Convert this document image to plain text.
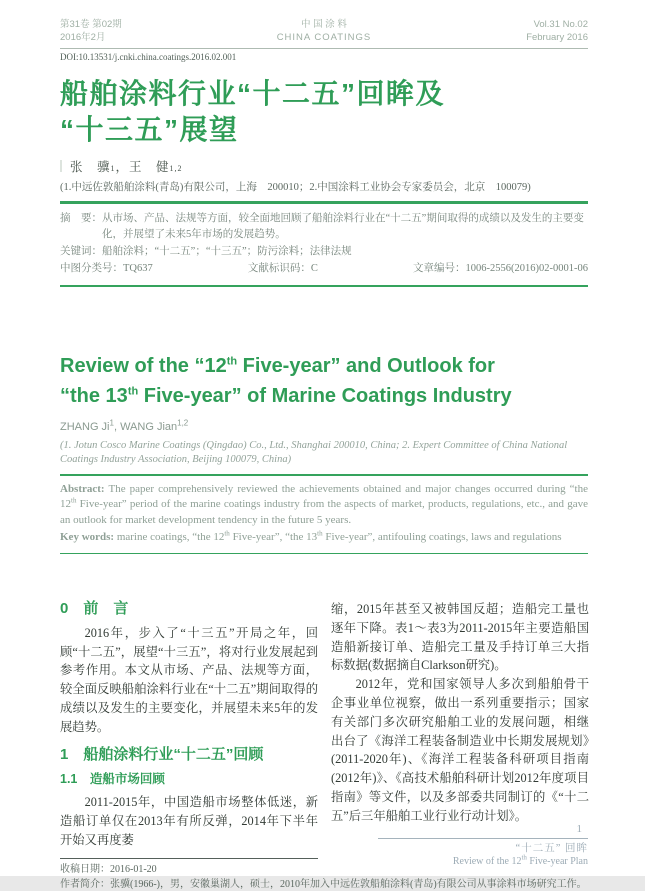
第31卷 第02期
2016年2月
中 国 涂 料
CHINA COATINGS
Vol.31 No.02
February 2016
DOI:10.13531/j.cnki.china.coatings.2016.02.001
船舶涂料行业“十二五”回眸及
“十三五”展望
张　骥 1 ， 王　健 1,2
(1.中远佐敦船舶涂料(青岛)有限公司，上海　200010；2.中国涂料工业协会专家委员会，北京　100079)
摘　要： 从市场、产品、法规等方面，较全面地回顾了船舶涂料行业在“十二五”期间取得的成绩以及发生的主要变化，并展望了未来5年市场的发展趋势。
关键词： 船舶涂料；“十二五”；“十三五”；防污涂料；法律法规
中图分类号：TQ637	文献标识码：C	文章编号：1006-2556(2016)02-0001-06
Review of the “12th Five-year” and Outlook for
“the 13th Five-year” of Marine Coatings Industry
ZHANG Ji$^1$, WANG Jian$^{1,2}$
(1. Jotun Cosco Marine Coatings (Qingdao) Co., Ltd., Shanghai 200010, China; 2. Expert Committee of China National Coatings Industry Association, Beijing 100079, China)
Abstract: The paper comprehensively reviewed the achievements obtained and major changes occurred during “the 12th Five-year” period of the marine coatings industry from the aspects of market, products, regulations, etc., and gave an outlook for market development tendency in the future 5 years.
Key words: marine coatings, “the 12th Five-year”, “the 13th Five-year”, antifouling coatings, laws and regulations
0　前　言

2016年，步入了“十三五”开局之年，回顾“十二五”，展望“十三五”，将对行业发展起到参考作用。本文从市场、产品、法规等方面，较全面反映船舶涂料行业在“十二五”期间取得的成绩以及发生的主要变化，并展望未来5年的发展趋势。

1　船舶涂料行业“十二五”回顾
1.1　造船市场回顾

2011-2015年，中国造船市场整体低迷，新造船订单仅在2013年有所反弹，2014年下半年开始又再度萎

收稿日期：2016-01-20

缩，2015年甚至又被韩国反超；造船完工量也逐年下降。表1～表3为2011-2015年主要造船国造船新接订单、造船完工量及手持订单三大指标数据(数据摘自Clarkson研究)。

2012年，党和国家领导人多次到船舶骨干企事业单位视察，做出一系列重要指示；国家有关部门多次研究船舶工业的发展问题，相继出台了《海洋工程装备制造业中长期发展规划》(2011-2020年)、《海洋工程装备科研项目指南(2012年)》、《高技术船舶科研计划2012年度项目指南》等文件，以及多部委共同制订的《“十二五”后三年船舶工业行业行动计划》。

作者简介：张骥(1966-)，男，安徽巢湖人，硕士，2010年加入中远佐敦船舶涂料(青岛)有限公司从事涂料市场研究工作。
1
“十二五” 回眸
Review of the 12th Five-year Plan
